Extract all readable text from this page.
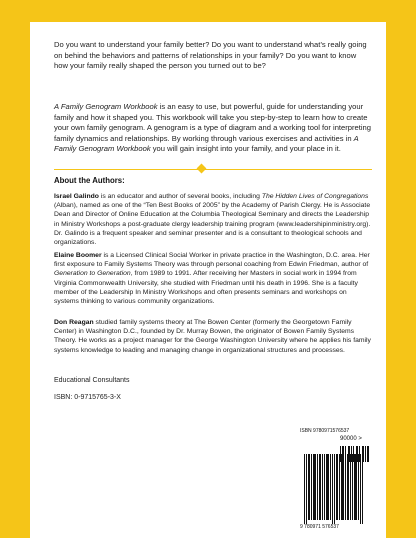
Do you want to understand your family better? Do you want to understand what’s really going on behind the behaviors and patterns of relationships in your family? Do you want to know how your family really shaped the person you turned out to be?

A Family Genogram Workbook is an easy to use, but powerful, guide for understanding your family and how it shaped you. This workbook will take you step-by-step to learn how to create your own family genogram. A genogram is a type of diagram and a working tool for interpreting family dynamics and relationships. By working through various exercises and activities in A Family Genogram Workbook you will gain insight into your family, and your place in it.

About the Authors:

Israel Galindo is an educator and author of several books, including The Hidden Lives of Congregations (Alban), named as one of the “Ten Best Books of 2005” by the Academy of Parish Clergy. He is Associate Dean and Director of Online Education at the Columbia Theological Seminary and directs the Leadership in Ministry Workshops a post-graduate clergy leadership training program (www.leadershipinministry.org). Dr. Galindo is a frequent speaker and seminar presenter and is a consultant to theological schools and organizations.

Elaine Boomer is a Licensed Clinical Social Worker in private practice in the Washington, D.C. area. Her first exposure to Family Systems Theory was through personal coaching from Edwin Friedman, author of Generation to Generation, from 1989 to 1991. After receiving her Masters in social work in 1994 from Virginia Commonwealth University, she studied with Friedman until his death in 1996. She is a faculty member of the Leadership In Ministry Workshops and often presents seminars and workshops on systems thinking to various community organizations.

Don Reagan studied family systems theory at The Bowen Center (formerly the Georgetown Family Center) in Washington D.C., founded by Dr. Murray Bowen, the originator of Bowen Family Systems Theory. He works as a project manager for the George Washington University where he applies his family systems knowledge to leading and managing change in organizational structures and processes.

Educational Consultants

ISBN: 0-9715765-3-X

ISBN 9780971576537
90000 >
9 780971 576537
